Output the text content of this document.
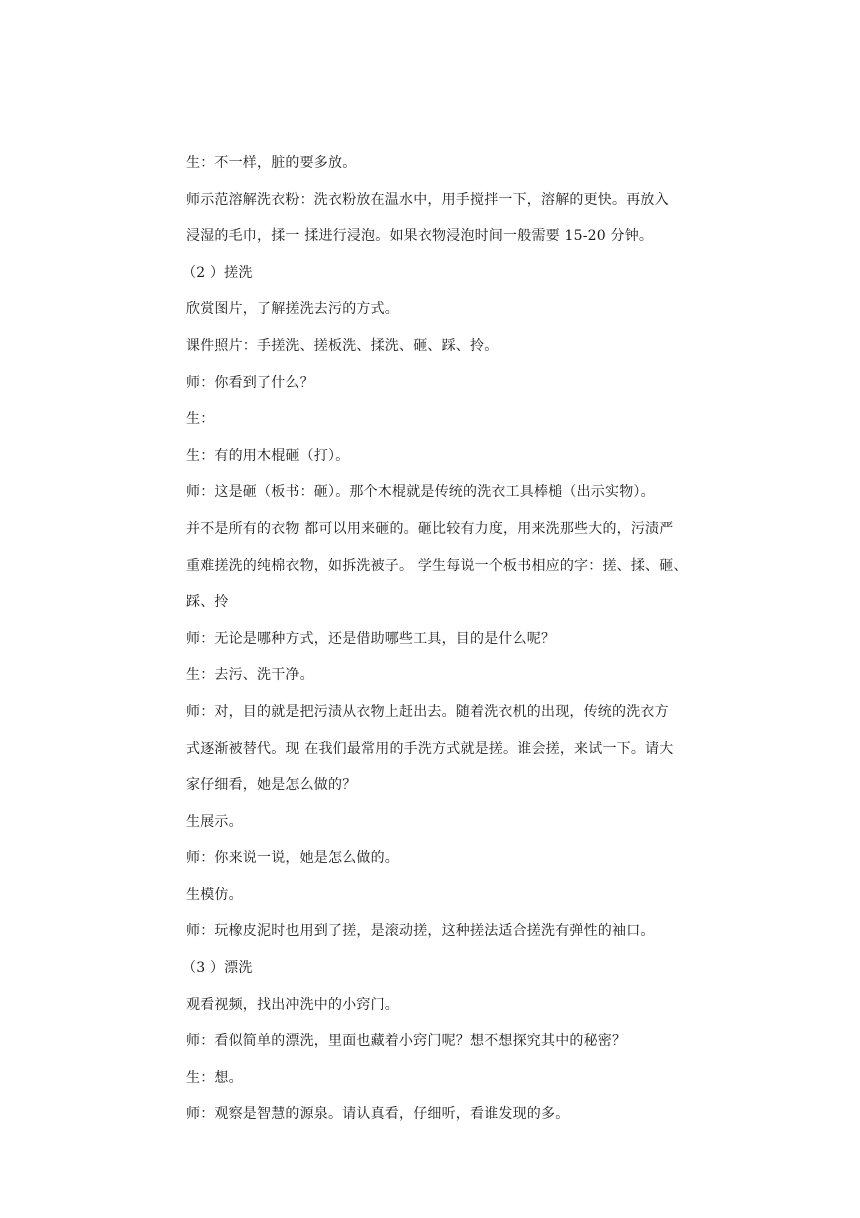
生：不一样，脏的要多放。

师示范溶解洗衣粉：洗衣粉放在温水中，用手搅拌一下，溶解的更快。再放入

浸湿的毛巾，揉一 揉进行浸泡。如果衣物浸泡时间一般需要 15-20 分钟。

（2 ）搓洗

欣赏图片，了解搓洗去污的方式。

课件照片：手搓洗、搓板洗、揉洗、砸、踩、拎。

师：你看到了什么？

生：

生：有的用木棍砸（打）。

师：这是砸（板书：砸）。那个木棍就是传统的洗衣工具棒槌（出示实物）。

并不是所有的衣物 都可以用来砸的。砸比较有力度，用来洗那些大的，污渍严

重难搓洗的纯棉衣物，如拆洗被子。 学生每说一个板书相应的字：搓、揉、砸、

踩、拎

师：无论是哪种方式，还是借助哪些工具，目的是什么呢？

生：去污、洗干净。

师：对，目的就是把污渍从衣物上赶出去。随着洗衣机的出现，传统的洗衣方

式逐渐被替代。现 在我们最常用的手洗方式就是搓。谁会搓，来试一下。请大

家仔细看，她是怎么做的？

生展示。

师：你来说一说，她是怎么做的。

生模仿。

师：玩橡皮泥时也用到了搓，是滚动搓，这种搓法适合搓洗有弹性的袖口。

（3 ）漂洗

观看视频，找出冲洗中的小窍门。

师：看似简单的漂洗，里面也藏着小窍门呢？想不想探究其中的秘密？

生：想。

师：观察是智慧的源泉。请认真看，仔细听，看谁发现的多。
